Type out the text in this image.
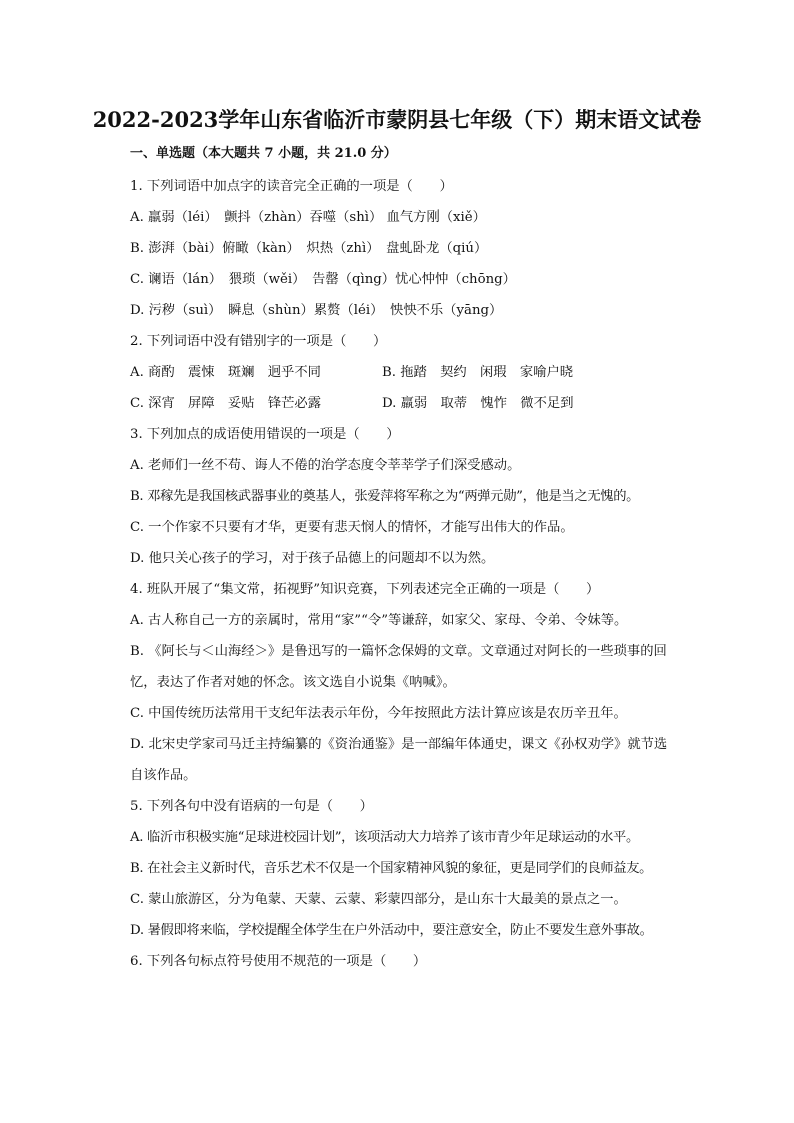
2022-2023学年山东省临沂市蒙阴县七年级（下）期末语文试卷
一、单选题（本大题共 7 小题，共 21.0 分）
1. 下列词语中加点字的读音完全正确的一项是（　　）
A. 羸弱（léi）　颤抖（zhàn）吞噬（shì） 血气方刚（xiě）
B. 澎湃（bài）俯瞰（kàn）　炽热（zhì）　盘虬卧龙（qiú）
C. 谰语（lán）　猥琐（wěi）　告罄（qìng）忧心忡忡（chōng）
D. 污秽（suì）　瞬息（shùn）累赘（léi）　怏怏不乐（yāng）
2. 下列词语中没有错别字的一项是（　　）
A. 商酌　震悚　斑斓　迥乎不同	B. 拖踏　契约　闲瑕　家喻户晓
C. 深宵　屏障　妥贴　锋芒必露	D. 羸弱　取蒂　愧怍　微不足到
3. 下列加点的成语使用错误的一项是（　　）
A. 老师们一丝不苟、诲人不倦的治学态度令莘莘学子们深受感动。
B. 邓稼先是我国核武器事业的奠基人，张爱萍将军称之为“两弹元勋”，他是当之无愧的。
C. 一个作家不只要有才华，更要有悲天悯人的情怀，才能写出伟大的作品。
D. 他只关心孩子的学习，对于孩子品德上的问题却不以为然。
4. 班队开展了“集文常，拓视野”知识竞赛，下列表述完全正确的一项是（　　）
A. 古人称自己一方的亲属时，常用“家”“令”等谦辞，如家父、家母、令弟、令妹等。
B. 《阿长与＜山海经＞》是鲁迅写的一篇怀念保姆的文章。文章通过对阿长的一些琐事的回
忆，表达了作者对她的怀念。该文选自小说集《呐喊》。
C. 中国传统历法常用干支纪年法表示年份，今年按照此方法计算应该是农历辛丑年。
D. 北宋史学家司马迁主持编纂的《资治通鉴》是一部编年体通史，课文《孙权劝学》就节选
自该作品。
5. 下列各句中没有语病的一句是（　　）
A. 临沂市积极实施“足球进校园计划”，该项活动大力培养了该市青少年足球运动的水平。
B. 在社会主义新时代，音乐艺术不仅是一个国家精神风貌的象征，更是同学们的良师益友。
C. 蒙山旅游区，分为龟蒙、天蒙、云蒙、彩蒙四部分，是山东十大最美的景点之一。
D. 暑假即将来临，学校提醒全体学生在户外活动中，要注意安全，防止不要发生意外事故。
6. 下列各句标点符号使用不规范的一项是（　　）
